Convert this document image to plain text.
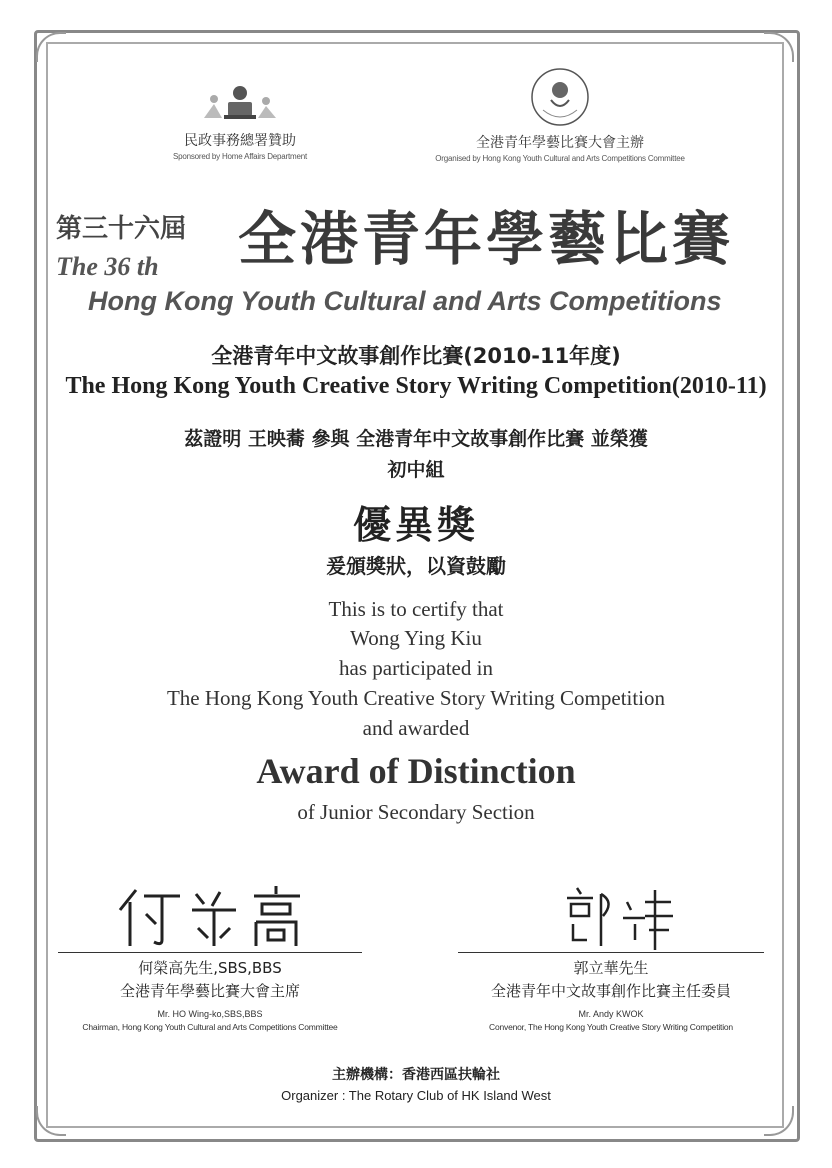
民政事務總署贊助
Sponsored by Home Affairs Department
全港青年學藝比賽大會主辦
Organised by Hong Kong Youth Cultural and Arts Competitions Committee
第三十六屆 全港青年學藝比賽
The 36 th
Hong Kong Youth Cultural and Arts Competitions
全港青年中文故事創作比賽(2010-11年度)
The Hong Kong Youth Creative Story Writing Competition(2010-11)
茲證明 王映蕎 參與 全港青年中文故事創作比賽 並榮獲
初中組
優異獎
爰頒獎狀，以資鼓勵
This is to certify that
Wong Ying Kiu
has participated in
The Hong Kong Youth Creative Story Writing Competition
and awarded
Award of Distinction
of Junior Secondary Section
何榮高先生,SBS,BBS
全港青年學藝比賽大會主席
Mr. HO Wing-ko,SBS,BBS
Chairman, Hong Kong Youth Cultural and Arts Competitions Committee
郭立華先生
全港青年中文故事創作比賽主任委員
Mr. Andy KWOK
Convenor, The Hong Kong Youth Creative Story Writing Competition
主辦機構：香港西區扶輪社
Organizer : The Rotary Club of HK Island West
